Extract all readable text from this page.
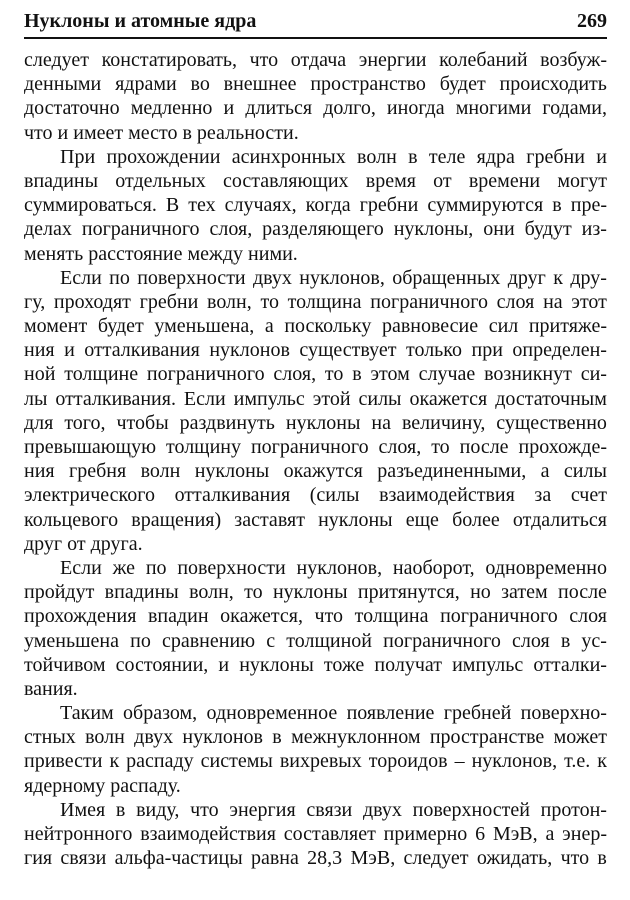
Нуклоны и атомные ядра	269
следует констатировать, что отдача энергии колебаний возбуж-
денными ядрами во внешнее пространство будет происходить
достаточно медленно и длиться долго, иногда многими годами,
что и имеет место в реальности.
При прохождении асинхронных волн в теле ядра гребни и
впадины отдельных составляющих время от времени могут
суммироваться. В тех случаях, когда гребни суммируются в пре-
делах пограничного слоя, разделяющего нуклоны, они будут из-
менять расстояние между ними.
Если по поверхности двух нуклонов, обращенных друг к дру-
гу, проходят гребни волн, то толщина пограничного слоя на этот
момент будет уменьшена, а поскольку равновесие сил притяже-
ния и отталкивания нуклонов существует только при определен-
ной толщине пограничного слоя, то в этом случае возникнут си-
лы отталкивания. Если импульс этой силы окажется достаточным
для того, чтобы раздвинуть нуклоны на величину, существенно
превышающую толщину пограничного слоя, то после прохожде-
ния гребня волн нуклоны окажутся разъединенными, а силы
электрического отталкивания (силы взаимодействия за счет
кольцевого вращения) заставят нуклоны еще более отдалиться
друг от друга.
Если же по поверхности нуклонов, наоборот, одновременно
пройдут впадины волн, то нуклоны притянутся, но затем после
прохождения впадин окажется, что толщина пограничного слоя
уменьшена по сравнению с толщиной пограничного слоя в ус-
тойчивом состоянии, и нуклоны тоже получат импульс отталки-
вания.
Таким образом, одновременное появление гребней поверхно-
стных волн двух нуклонов в межнуклонном пространстве может
привести к распаду системы вихревых тороидов – нуклонов, т.е. к
ядерному распаду.
Имея в виду, что энергия связи двух поверхностей протон-
нейтронного взаимодействия составляет примерно 6 МэВ, а энер-
гия связи альфа-частицы равна 28,3 МэВ, следует ожидать, что в
